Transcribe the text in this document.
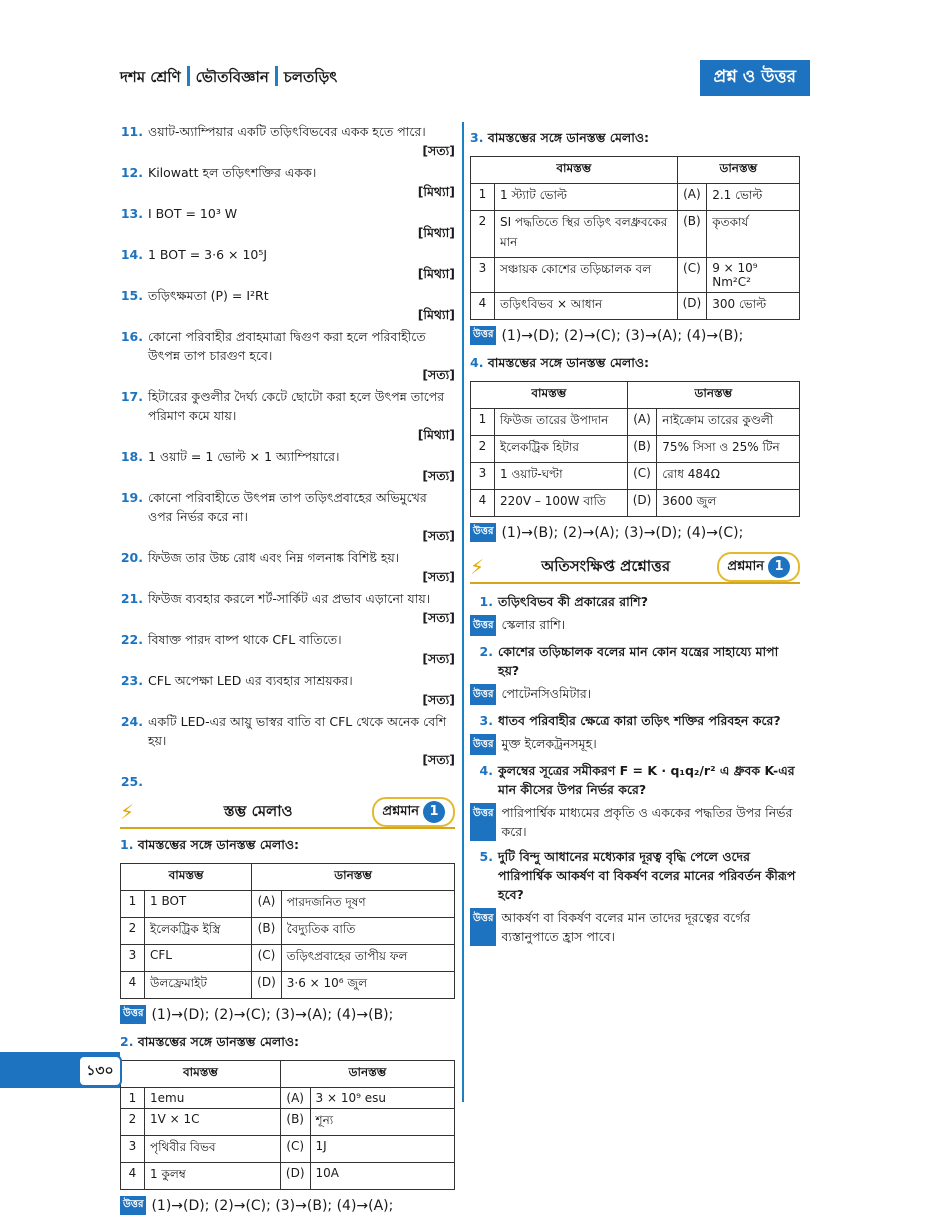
দশম শ্রেণি ভৌতবিজ্ঞান চলতড়িৎ	প্রশ্ন ও উত্তর
11. ওয়াট-অ্যাম্পিয়ার একটি তড়িৎবিভবের একক হতে পারে।
[সত্য]
12. Kilowatt হল তড়িৎশক্তির একক।
[মিথ্যা]
13. I BOT = 10³ W
[মিথ্যা]
14. 1 BOT = 3·6 × 10⁵J
[মিথ্যা]
15. তড়িৎক্ষমতা (P) = I²Rt
[মিথ্যা]
16. কোনো পরিবাহীর প্রবাহমাত্রা দ্বিগুণ করা হলে পরিবাহীতে উৎপন্ন তাপ চারগুণ হবে।
[সত্য]
17. হিটারের কুণ্ডলীর দৈর্ঘ্য কেটে ছোটো করা হলে উৎপন্ন তাপের পরিমাণ কমে যায়।
[মিথ্যা]
18. 1 ওয়াট = 1 ভোল্ট × 1 অ্যাম্পিয়ারে।
[সত্য]
19. কোনো পরিবাহীতে উৎপন্ন তাপ তড়িৎপ্রবাহের অভিমুখের ওপর নির্ভর করে না।
[সত্য]
20. ফিউজ তার উচ্চ রোধ এবং নিম্ন গলনাঙ্ক বিশিষ্ট হয়।
[সত্য]
21. ফিউজ ব্যবহার করলে শর্ট-সার্কিট এর প্রভাব এড়ানো যায়।
[সত্য]
22. বিষাক্ত পারদ বাষ্প থাকে CFL বাতিতে।
[সত্য]
23. CFL অপেক্ষা LED এর ব্যবহার সাশ্রয়কর।
[সত্য]
24. একটি LED-এর আয়ু ভাস্বর বাতি বা CFL থেকে অনেক বেশি হয়।
[সত্য]
25.
⚡	স্তম্ভ মেলাও	প্রশ্নমান 1
1. বামস্তম্ভের সঙ্গে ডানস্তম্ভ মেলাও:
বামস্তম্ভ		ডানস্তম্ভ	
1	1 BOT	(A)	পারদজনিত দূষণ
2	ইলেকট্রিক ইস্ত্রি	(B)	বৈদ্যুতিক বাতি
3	CFL	(C)	তড়িৎপ্রবাহের তাপীয় ফল
4	উলফ্রেমাইট	(D)	3·6 × 10⁶ জুল
উত্তর (1)→(D); (2)→(C); (3)→(A); (4)→(B);
2. বামস্তম্ভের সঙ্গে ডানস্তম্ভ মেলাও:
বামস্তম্ভ		ডানস্তম্ভ	
1	1emu	(A)	3 × 10⁹ esu
2	1V × 1C	(B)	শূন্য
3	পৃথিবীর বিভব	(C)	1J
4	1 কুলম্ব	(D)	10A
উত্তর (1)→(D); (2)→(C); (3)→(B); (4)→(A);
3. বামস্তম্ভের সঙ্গে ডানস্তম্ভ মেলাও:
বামস্তম্ভ		ডানস্তম্ভ	
1	1 স্ট্যাট ভোল্ট	(A)	2.1 ভোল্ট
2	SI পদ্ধতিতে স্থির তড়িৎ বলধ্রুবকের মান	(B)	কৃতকার্য
3	সঞ্চায়ক কোশের তড়িচ্চালক বল	(C)	9 × 10⁹ Nm²C²
4	তড়িৎবিভব × আধান	(D)	300 ভোল্ট
উত্তর (1)→(D); (2)→(C); (3)→(A); (4)→(B);
4. বামস্তম্ভের সঙ্গে ডানস্তম্ভ মেলাও:
বামস্তম্ভ		ডানস্তম্ভ	
1	ফিউজ তারের উপাদান	(A)	নাইক্রোম তারের কুণ্ডলী
2	ইলেকট্রিক হিটার	(B)	75% সিসা ও 25% টিন
3	1 ওয়াট-ঘণ্টা	(C)	রোধ 484Ω
4	220V – 100W বাতি	(D)	3600 জুল
উত্তর (1)→(B); (2)→(A); (3)→(D); (4)→(C);
⚡	অতিসংক্ষিপ্ত প্রশ্নোত্তর	প্রশ্নমান 1
1. তড়িৎবিভব কী প্রকারের রাশি?
উত্তর স্কেলার রাশি।
2. কোশের তড়িচ্চালক বলের মান কোন যন্ত্রের সাহায্যে মাপা হয়?
উত্তর পোটেনসিওমিটার।
3. ধাতব পরিবাহীর ক্ষেত্রে কারা তড়িৎ শক্তির পরিবহন করে?
উত্তর মুক্ত ইলেকট্রনসমূহ।
4. কুলম্বের সূত্রের সমীকরণ F = K · q₁q₂/r² এ ধ্রুবক K-এর মান কীসের উপর নির্ভর করে?
উত্তর পারিপার্শ্বিক মাধ্যমের প্রকৃতি ও এককের পদ্ধতির উপর নির্ভর করে।
5. দুটি বিন্দু আধানের মধ্যেকার দূরত্ব বৃদ্ধি পেলে ওদের পারিপার্শ্বিক আকর্ষণ বা বিকর্ষণ বলের মানের পরিবর্তন কীরূপ হবে?
উত্তর আকর্ষণ বা বিকর্ষণ বলের মান তাদের দূরত্বের বর্গের ব্যস্তানুপাতে হ্রাস পাবে।
১৩০
